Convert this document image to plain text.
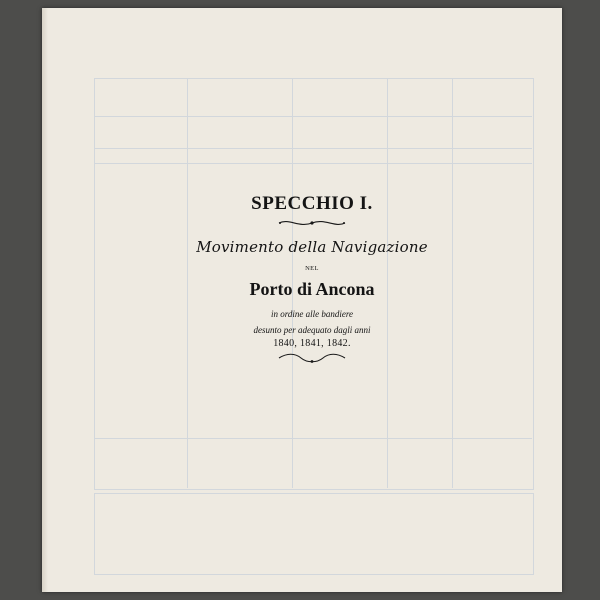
SPECCHIO I.
Movimento della Navigazione
NEL
Porto di Ancona
in ordine alle bandiere
desunto per adequato dagli anni
1840, 1841, 1842.
